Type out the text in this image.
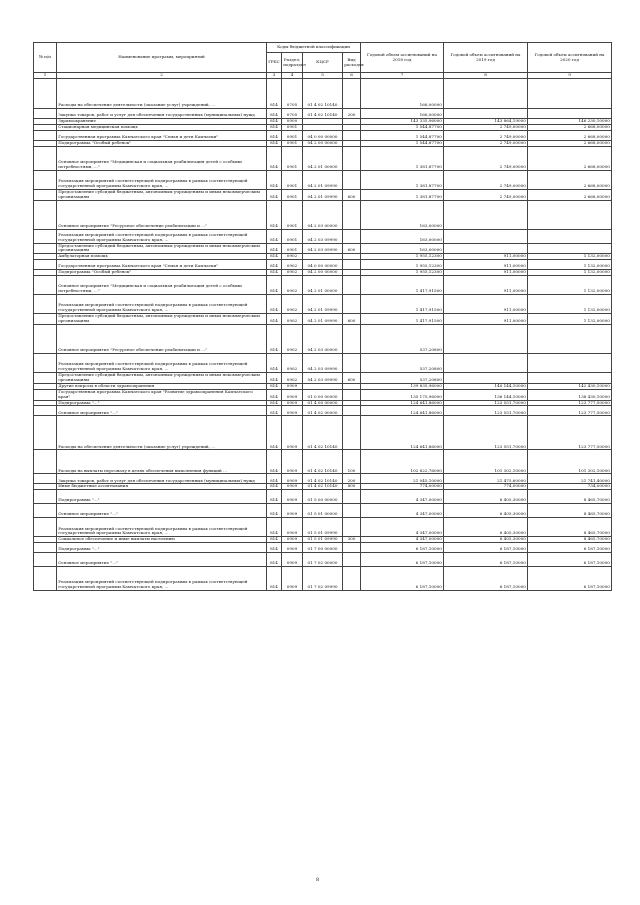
№ п/п	Наименование программ, мероприятий	Коды бюджетной классификации				Годовой объем ассигнований на 2018 год	Годовой объем ассигнований на 2019 год	Годовой объем ассигнований на 2020 год
		ГРБС	Раздел, подраздел	КЦСР	Вид расходов			
1	2	3	4	5	6	7	8	9
	Расходы на обеспечение деятельности (оказание услуг) учреждений, ...	814	0705	01 4 02 10140		166,00000		
	Закупка товаров, работ и услуг для обеспечения государственных (муниципальных) нужд	814	0705	01 4 02 10140	200	166,00000		
	Здравоохранение	814	0900			143 335,96000	143 864,19000	146 230,10000
	Стационарная медицинская помощь	814	0901			1 544,87700	2 749,00000	2 668,00000
	Государственная программа Камчатского края "Семья и дети Камчатки"	814	0901	04 0 00 00000		1 544,87700	2 749,00000	2 668,00000
	Подпрограмма "Особый ребенок"	814	0901	04 2 00 00000		1 544,87700	2 749,00000	2 668,00000
	Основное мероприятие "Медицинская и социальная реабилитация детей с особыми потребностями, ..."	814	0901	04 2 01 00000		1 381,87700	2 749,00000	2 668,00000
	Реализация мероприятий соответствующей подпрограммы в рамках соответствующей государственной программы Камчатского края, ...	814	0901	04 2 01 09990		1 381,87700	2 749,00000	2 668,00000
	Предоставление субсидий бюджетным, автономным учреждениям и иным некоммерческим организациям	814	0901	04 2 01 09990	600	1 381,87700	2 749,00000	2 668,00000
	Основное мероприятие "Ресурсное обеспечение реабилитации и ..."	814	0901	04 2 03 00000		163,00000		
	Реализация мероприятий соответствующей подпрограммы в рамках соответствующей государственной программы Камчатского края, ...	814	0901	04 2 03 09990		163,00000		
	Предоставление субсидий бюджетным, автономным учреждениям и иным некоммерческим организациям	814	0901	04 2 03 09990	600	163,00000		
	Амбулаторная помощь	814	0902			1 955,12300	911,00000	1 132,00000
	Государственная программа Камчатского края "Семья и дети Камчатки"	814	0902	04 0 00 00000		1 955,12300	911,00000	1 132,00000
	Подпрограмма "Особый ребенок"	814	0902	04 2 00 00000		1 955,12300	911,00000	1 132,00000
	Основное мероприятие "Медицинская и социальная реабилитация детей с особыми потребностями, ..."	814	0902	04 2 01 00000		1 417,91500	911,00000	1 132,00000
	Реализация мероприятий соответствующей подпрограммы в рамках соответствующей государственной программы Камчатского края, ...	814	0902	04 2 01 09990		1 417,91500	911,00000	1 132,00000
	Предоставление субсидий бюджетным, автономным учреждениям и иным некоммерческим организациям	814	0902	04 2 01 09990	600	1 417,91500	911,00000	1 132,00000
	Основное мероприятие "Ресурсное обеспечение реабилитации и ..."	814	0902	04 2 03 00000		537,20800		
	Реализация мероприятий соответствующей подпрограммы в рамках соответствующей государственной программы Камчатского края, ...	814	0902	04 2 03 09990		537,20800		
	Предоставление субсидий бюджетным, автономным учреждениям и иным некоммерческим организациям	814	0902	04 2 03 09990	600	537,20800		
	Другие вопросы в области здравоохранения	814	0909			139 835,96000	140 144,10000	142 430,10000
	Государственная программа Камчатского края "Развитие здравоохранения Камчатского края"	814	0909	01 0 00 00000		135 175,96000	136 144,10000	138 430,10000
	Подпрограмма "..."	814	0909	01 4 00 00000		124 641,86000	123 551,70000	123 777,50000
	Основное мероприятие "..."	814	0909	01 4 02 00000		124 641,86000	123 551,70000	123 777,50000
	Расходы на обеспечение деятельности (оказание услуг) учреждений, ...	814	0909	01 4 02 10140		124 641,86000	123 551,70000	123 777,50000
	Расходы на выплаты персоналу в целях обеспечения выполнения функций ...	814	0909	01 4 02 10140	100	102 822,76000	101 302,10000	101 302,10000
	Закупка товаров, работ и услуг для обеспечения государственных (муниципальных) нужд	814	0909	01 4 02 10140	200	21 045,10000	21 475,60000	21 741,40000
	Иные бюджетные ассигнования	814	0909	01 4 02 10140	800	774,00000	774,00000	734,00000
	Подпрограмма "..."	814	0909	01 5 00 00000		4 347,00000	6 405,30000	8 465,70000
	Основное мероприятие "..."	814	0909	01 5 01 00000		4 347,00000	6 405,30000	8 465,70000
	Реализация мероприятий соответствующей подпрограммы в рамках соответствующей государственной программы Камчатского края, ...	814	0909	01 5 01 09990		4 347,00000	6 405,30000	8 465,70000
	Социальное обеспечение и иные выплаты населению	814	0909	01 5 01 09990	300	4 347,00000	6 405,30000	8 465,70000
	Подпрограмма "..."	814	0909	01 7 00 00000		6 187,10000	6 187,10000	6 187,10000
	Основное мероприятие "..."	814	0909	01 7 02 00000		6 187,10000	6 187,10000	6 187,10000
	Реализация мероприятий соответствующей подпрограммы в рамках соответствующей государственной программы Камчатского края, ...	814	0909	01 7 02 09990		6 187,10000	6 187,10000	6 187,10000
8
